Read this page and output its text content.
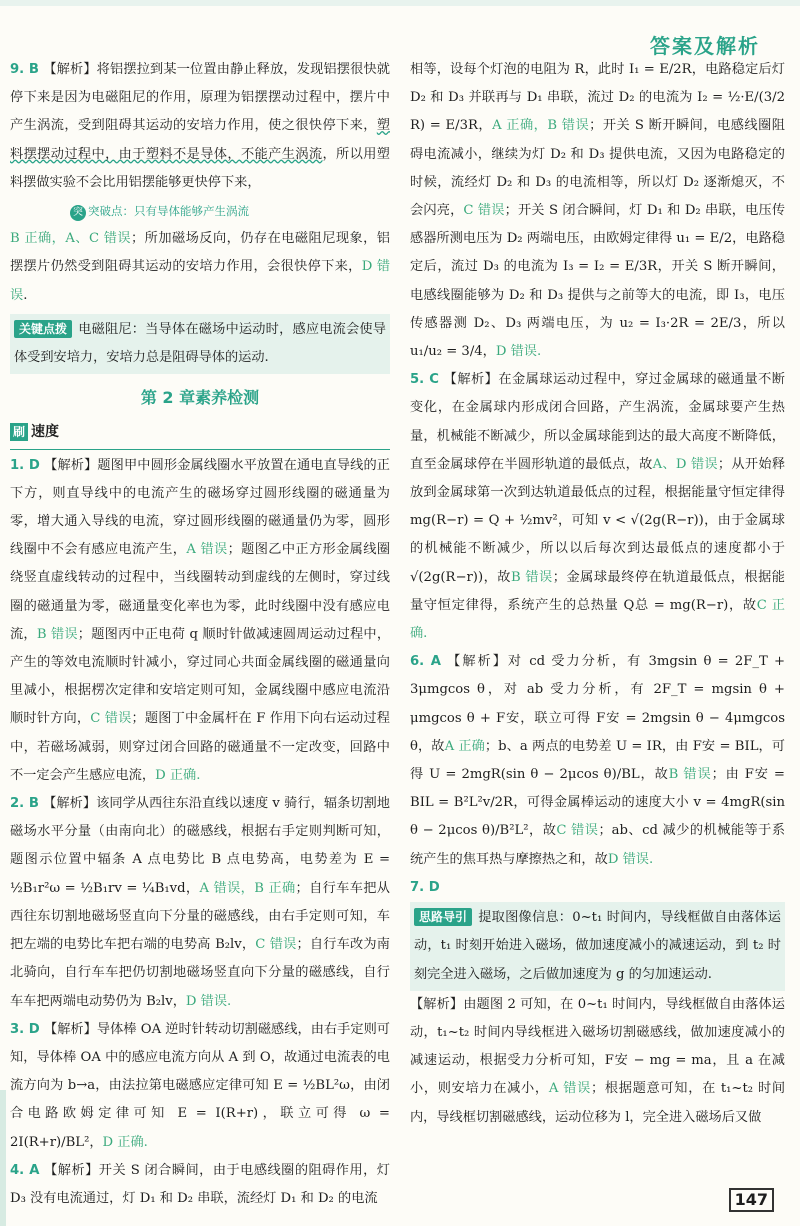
答案及解析
9. B 【解析】将铝摆拉到某一位置由静止释放，发现铝摆很快就停下来是因为电磁阻尼的作用，原理为铝摆摆动过程中，摆片中产生涡流，受到阻碍其运动的安培力作用，使之很快停下来，塑料摆摆动过程中，由于塑料不是导体，不能产生涡流，所以用塑料摆做实验不会比用铝摆能够更快停下来，
突 突破点：只有导体能够产生涡流
B 正确，A、C 错误；所加磁场反向，仍存在电磁阻尼现象，铝摆摆片仍然受到阻碍其运动的安培力作用，会很快停下来，D 错误.
关键点拨 电磁阻尼：当导体在磁场中运动时，感应电流会使导体受到安培力，安培力总是阻碍导体的运动.
第 2 章素养检测
刷 速度
1. D 【解析】题图甲中圆形金属线圈水平放置在通电直导线的正下方，则直导线中的电流产生的磁场穿过圆形线圈的磁通量为零，增大通入导线的电流，穿过圆形线圈的磁通量仍为零，圆形线圈中不会有感应电流产生，A 错误；题图乙中正方形金属线圈绕竖直虚线转动的过程中，当线圈转动到虚线的左侧时，穿过线圈的磁通量为零，磁通量变化率也为零，此时线圈中没有感应电流，B 错误；题图丙中正电荷 q 顺时针做减速圆周运动过程中，产生的等效电流顺时针减小，穿过同心共面金属线圈的磁通量向里减小，根据楞次定律和安培定则可知，金属线圈中感应电流沿顺时针方向，C 错误；题图丁中金属杆在 F 作用下向右运动过程中，若磁场减弱，则穿过闭合回路的磁通量不一定改变，回路中不一定会产生感应电流，D 正确.
2. B 【解析】该同学从西往东沿直线以速度 v 骑行，辐条切割地磁场水平分量（由南向北）的磁感线，根据右手定则判断可知，题图示位置中辐条 A 点电势比 B 点电势高，电势差为 E = ½B₁r²ω = ½B₁rv = ¼B₁vd，A 错误，B 正确；自行车车把从西往东切割地磁场竖直向下分量的磁感线，由右手定则可知，车把左端的电势比车把右端的电势高 B₂lv，C 错误；自行车改为南北骑向，自行车车把仍切割地磁场竖直向下分量的磁感线，自行车车把两端电动势仍为 B₂lv，D 错误.
3. D 【解析】导体棒 OA 逆时针转动切割磁感线，由右手定则可知，导体棒 OA 中的感应电流方向从 A 到 O，故通过电流表的电流方向为 b→a，由法拉第电磁感应定律可知 E = ½BL²ω，由闭合电路欧姆定律可知 E = I(R+r)，联立可得 ω = 2I(R+r)/BL²，D 正确.
4. A 【解析】开关 S 闭合瞬间，由于电感线圈的阻碍作用，灯 D₃ 没有电流通过，灯 D₁ 和 D₂ 串联，流经灯 D₁ 和 D₂ 的电流
相等，设每个灯泡的电阻为 R，此时 I₁ = E/2R，电路稳定后灯 D₂ 和 D₃ 并联再与 D₁ 串联，流过 D₂ 的电流为 I₂ = ½·E/(3/2 R) = E/3R，A 正确，B 错误；开关 S 断开瞬间，电感线圈阻碍电流减小，继续为灯 D₂ 和 D₃ 提供电流，又因为电路稳定的时候，流经灯 D₂ 和 D₃ 的电流相等，所以灯 D₂ 逐渐熄灭，不会闪亮，C 错误；开关 S 闭合瞬间，灯 D₁ 和 D₂ 串联，电压传感器所测电压为 D₂ 两端电压，由欧姆定律得 u₁ = E/2，电路稳定后，流过 D₃ 的电流为 I₃ = I₂ = E/3R，开关 S 断开瞬间，电感线圈能够为 D₂ 和 D₃ 提供与之前等大的电流，即 I₃，电压传感器测 D₂、D₃ 两端电压，为 u₂ = I₃·2R = 2E/3，所以 u₁/u₂ = 3/4，D 错误.
5. C 【解析】在金属球运动过程中，穿过金属球的磁通量不断变化，在金属球内形成闭合回路，产生涡流，金属球要产生热量，机械能不断减少，所以金属球能到达的最大高度不断降低，直至金属球停在半圆形轨道的最低点，故A、D 错误；从开始释放到金属球第一次到达轨道最低点的过程，根据能量守恒定律得 mg(R−r) = Q + ½mv²，可知 v < √(2g(R−r))，由于金属球的机械能不断减少，所以以后每次到达最低点的速度都小于 √(2g(R−r))，故B 错误；金属球最终停在轨道最低点，根据能量守恒定律得，系统产生的总热量 Q总 = mg(R−r)，故C 正确.
6. A 【解析】对 cd 受力分析，有 3mgsin θ = 2F_T + 3μmgcos θ，对 ab 受力分析，有 2F_T = mgsin θ + μmgcos θ + F安，联立可得 F安 = 2mgsin θ − 4μmgcos θ，故A 正确；b、a 两点的电势差 U = IR，由 F安 = BIL，可得 U = 2mgR(sin θ − 2μcos θ)/BL，故B 错误；由 F安 = BIL = B²L²v/2R，可得金属棒运动的速度大小 v = 4mgR(sin θ − 2μcos θ)/B²L²，故C 错误；ab、cd 减少的机械能等于系统产生的焦耳热与摩擦热之和，故D 错误.
7. D
思路导引 提取图像信息：0~t₁ 时间内，导线框做自由落体运动，t₁ 时刻开始进入磁场，做加速度减小的减速运动，到 t₂ 时刻完全进入磁场，之后做加速度为 g 的匀加速运动.
【解析】由题图 2 可知，在 0~t₁ 时间内，导线框做自由落体运动，t₁~t₂ 时间内导线框进入磁场切割磁感线，做加速度减小的减速运动，根据受力分析可知，F安 − mg = ma，且 a 在减小，则安培力在减小，A 错误；根据题意可知，在 t₁~t₂ 时间内，导线框切割磁感线，运动位移为 l，完全进入磁场后又做
147
